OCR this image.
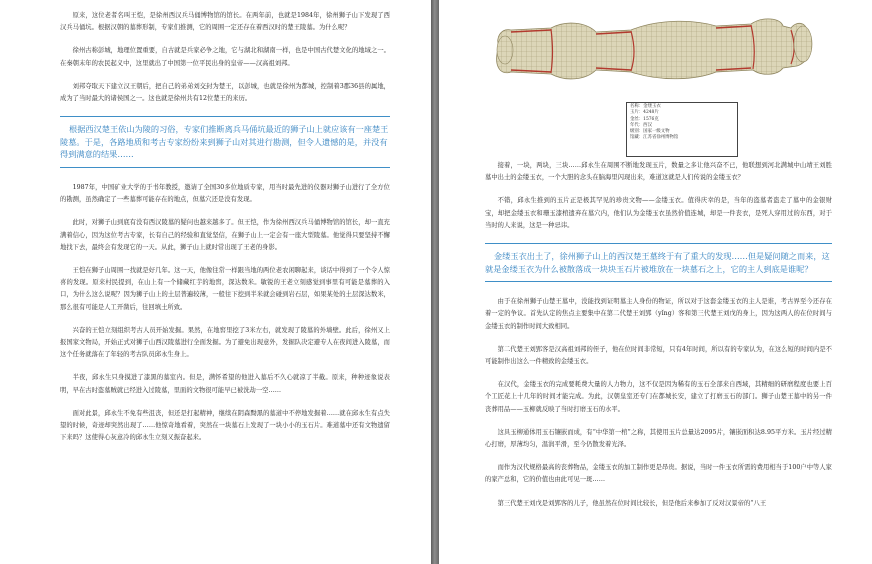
原来，这位老者名叫王恺，是徐州西汉兵马俑博物馆的馆长。在两年前，也就是1984年，徐州狮子山下发现了西汉兵马俑坑。根据汉朝的墓葬形制，专家们推测，它的周围一定还存在着西汉时的楚王陵墓。为什么呢？

徐州古称彭城，地理位置重要，自古就是兵家必争之地，它与湖北和湖南一样，也是中国古代楚文化的地域之一。在秦朝末年的农民起义中，这里就出了中国第一位平民出身的皇帝——汉高祖刘邦。

刘邦夺取天下建立汉王朝后，把自己的弟弟刘交封为楚王，以彭城，也就是徐州为都城，控制着3郡36县的属地，成为了当时最大的诸侯国之一。这也就是徐州共有12位楚王的来历。

根据西汉楚王依山为陵的习俗，专家们推断离兵马俑坑最近的狮子山上就应该有一座楚王陵墓。于是，各路地质和考古专家纷纷来到狮子山对其进行勘测，但令人遗憾的是，并没有得到满意的结果……

1987年，中国矿业大学的于书年教授，邀请了全国30多位地质专家，用当时最先进的仪器对狮子山进行了全方位的勘测，虽然确定了一些墓葬可能存在的地点，但墓穴还是没有发现。

此时，对狮子山到底有没有西汉陵墓的疑问也越来越多了。但王恺，作为徐州西汉兵马俑博物馆的馆长，却一直充满着信心，因为这位考古专家，长有自己的经验和直觉坚信，在狮子山上一定会有一座大型陵墓。他觉得只要坚持不懈地找下去，最终会有发现它的一天。从此，狮子山上就时常出现了王老的身影。

王恺在狮子山周围一找就是好几年。这一天，他像往常一样跟当地的两位老农闲聊起来，谈话中得到了一个令人惊喜的发现。原来村民提到，在山上有一个储藏红芋的地窖，深达数米。敏锐的王老立刻感觉到事里有可能是墓葬的入口，为什么这么说呢？因为狮子山上的土层普遍较薄，一般往下挖到半米就会碰到岩石层，如果某处的土层深达数米，那么很有可能是人工开凿后，往回填土所致。

兴奋的王恺立刻组织考古人员开始发掘。果然，在地窖里挖了3米左右，就发现了陵墓的外墙壁。此后，徐州又上报国家文物局，开始正式对狮子山西汉陵墓进行全面发掘。为了避免出现意外，发掘队决定避专人在夜间进入陵墓，而这个任务就落在了年轻的考古队员邱永生身上。

半夜，邱永生只身摸进了漆黑的墓室内。但是，满怀希望的他进入墓后不久心就凉了半截。原来，种种迹象说表明，早在古时盗墓贼就已经进入过陵墓，里面的文物很可能早已被洗劫一空……

面对此景，邱永生不免有些沮丧，但还是打起精神，继续在阴森黝黑的墓道中不停地发掘着……就在邱永生有点失望的时候，奇迹却突然出现了……他惊奇地看着，突然在一块墓石上发现了一块小小的玉石片。难道墓中还有文物遗留下来吗？这使得心灰意冷的邱永生立刻又振奋起来。

名称：金缕玉衣
玉片：4248片
金丝：1576克
年代：西汉
级别：国家一级文物
馆藏：江苏省徐州博物馆

接着，一块，两块，三块……邱永生在周围不断地发现玉片，数量之多让他兴奋不已，他联想到河北满城中山靖王刘胜墓中出土的金缕玉衣，一个大胆的念头在脑海里闪现出来，难道这就是人们传说的金缕玉衣？

不错，邱永生推到的玉片正是极其罕见的珍贵文物——金缕玉衣。值得庆幸的是，当年的盗墓者盗走了墓中的金银财宝，却把金缕玉衣和珊玉漆棺遗弃在墓穴内，他们认为金缕玉衣虽然价值连城，却是一件丧衣，是死人穿用过的东西，对于当时的人来说，这是一种忌讳。

金缕玉衣出土了，徐州狮子山上的西汉楚王墓终于有了重大的发现……但是疑问随之而来，这就是金缕玉衣为什么被散落成一块块玉石片被堆放在一块墓石之上，它的主人到底是谁呢？

由于在徐州狮子山楚王墓中，没能找到证明墓主人身份的物证，所以对于这套金缕玉衣的主人是谁，考古界至今还存在着一定的争议。首先认定的焦点主要集中在第二代楚王刘郢（yǐng）客和第三代楚王刘戊的身上，因为这两人的在位时间与金缕玉衣的制作时间大致相同。

第二代楚王刘郢客是汉高祖刘邦的侄子，他在位时间非常短，只有4年时间，所以有的专家认为，在这么短的时间内是不可能制作出这么一件精致的金缕玉衣。

在汉代，金缕玉衣的完成要耗费大量的人力物力，这不仅是因为稀有的玉石全部来自西域，其精细的研磨程度也要上百个工匠花上十几年的时间才能完成。为此，汉朝皇室还专门在都城长安，建立了打磨玉石的部门。狮子山楚王墓中的另一件丧葬用品——玉柳就反映了当时打磨玉石的水平。

这具玉柳通体用玉石镶嵌而成，有“中华第一棺”之称，其使用玉片总量达2095片，镶嵌面积达8.95平方米。玉片经过精心打磨，厚薄均匀，温润平滑，至今仍散发着光泽。

而作为汉代规格最高的丧葬物品，金缕玉衣的加工制作更是昂贵。据说，当时一件玉衣所需的费用相当于100户中等人家的家产总和，它的价值也由此可见一斑……

第三代楚王刘戊是刘郢客的儿子，他虽然在位时间比较长，但是他后来参加了反对汉景帝的“八王
